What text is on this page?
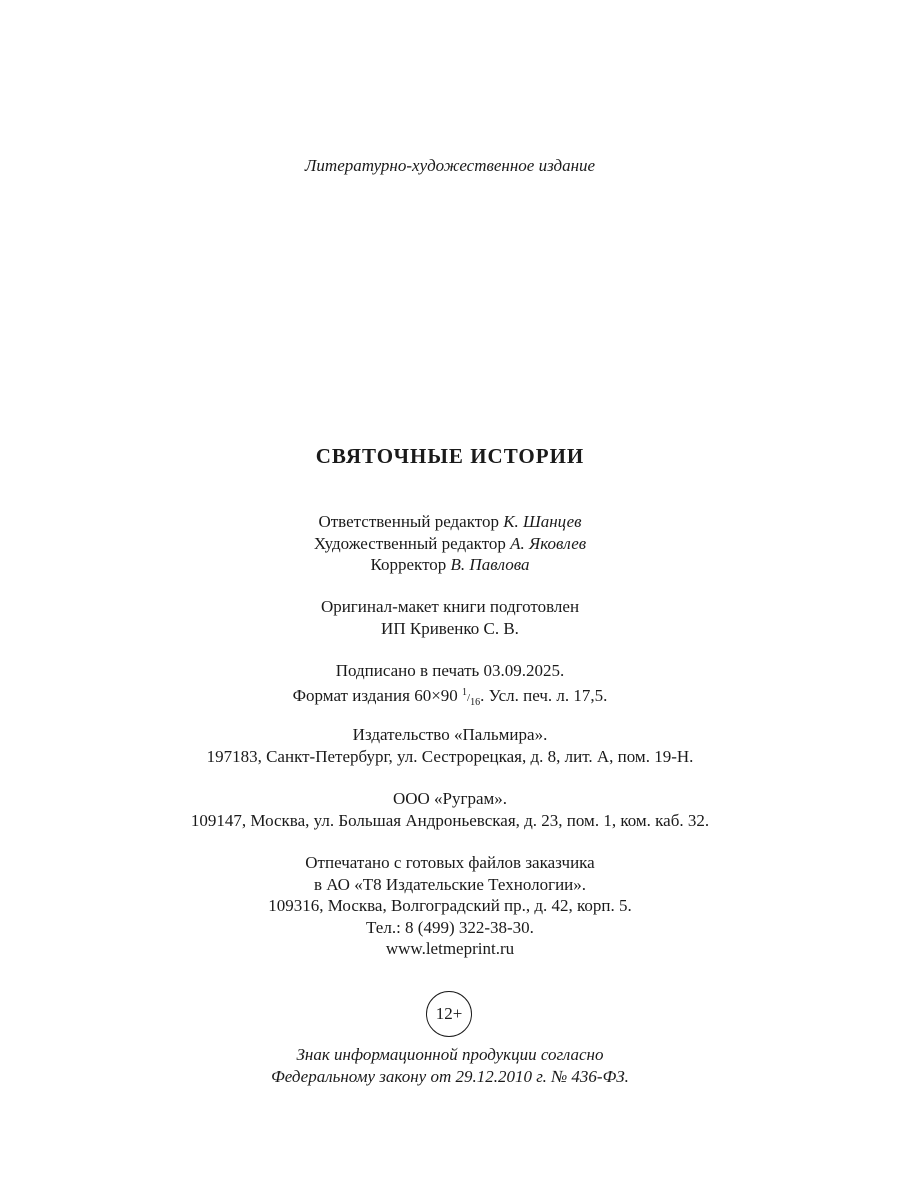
Литературно-художественное издание
СВЯТОЧНЫЕ ИСТОРИИ
Ответственный редактор К. Шанцев
Художественный редактор А. Яковлев
Корректор В. Павлова
Оригинал-макет книги подготовлен
ИП Кривенко С. В.
Подписано в печать 03.09.2025.
Формат издания 60×90 $^1/_{16}$. Усл. печ. л. 17,5.
Издательство «Пальмира».
197183, Санкт-Петербург, ул. Сестрорецкая, д. 8, лит. А, пом. 19-Н.
ООО «Руграм».
109147, Москва, ул. Большая Андроньевская, д. 23, пом. 1, ком. каб. 32.
Отпечатано с готовых файлов заказчика
в АО «Т8 Издательские Технологии».
109316, Москва, Волгоградский пр., д. 42, корп. 5.
Тел.: 8 (499) 322-38-30.
www.letmeprint.ru
12+
Знак информационной продукции согласно
Федеральному закону от 29.12.2010 г. № 436-ФЗ.
